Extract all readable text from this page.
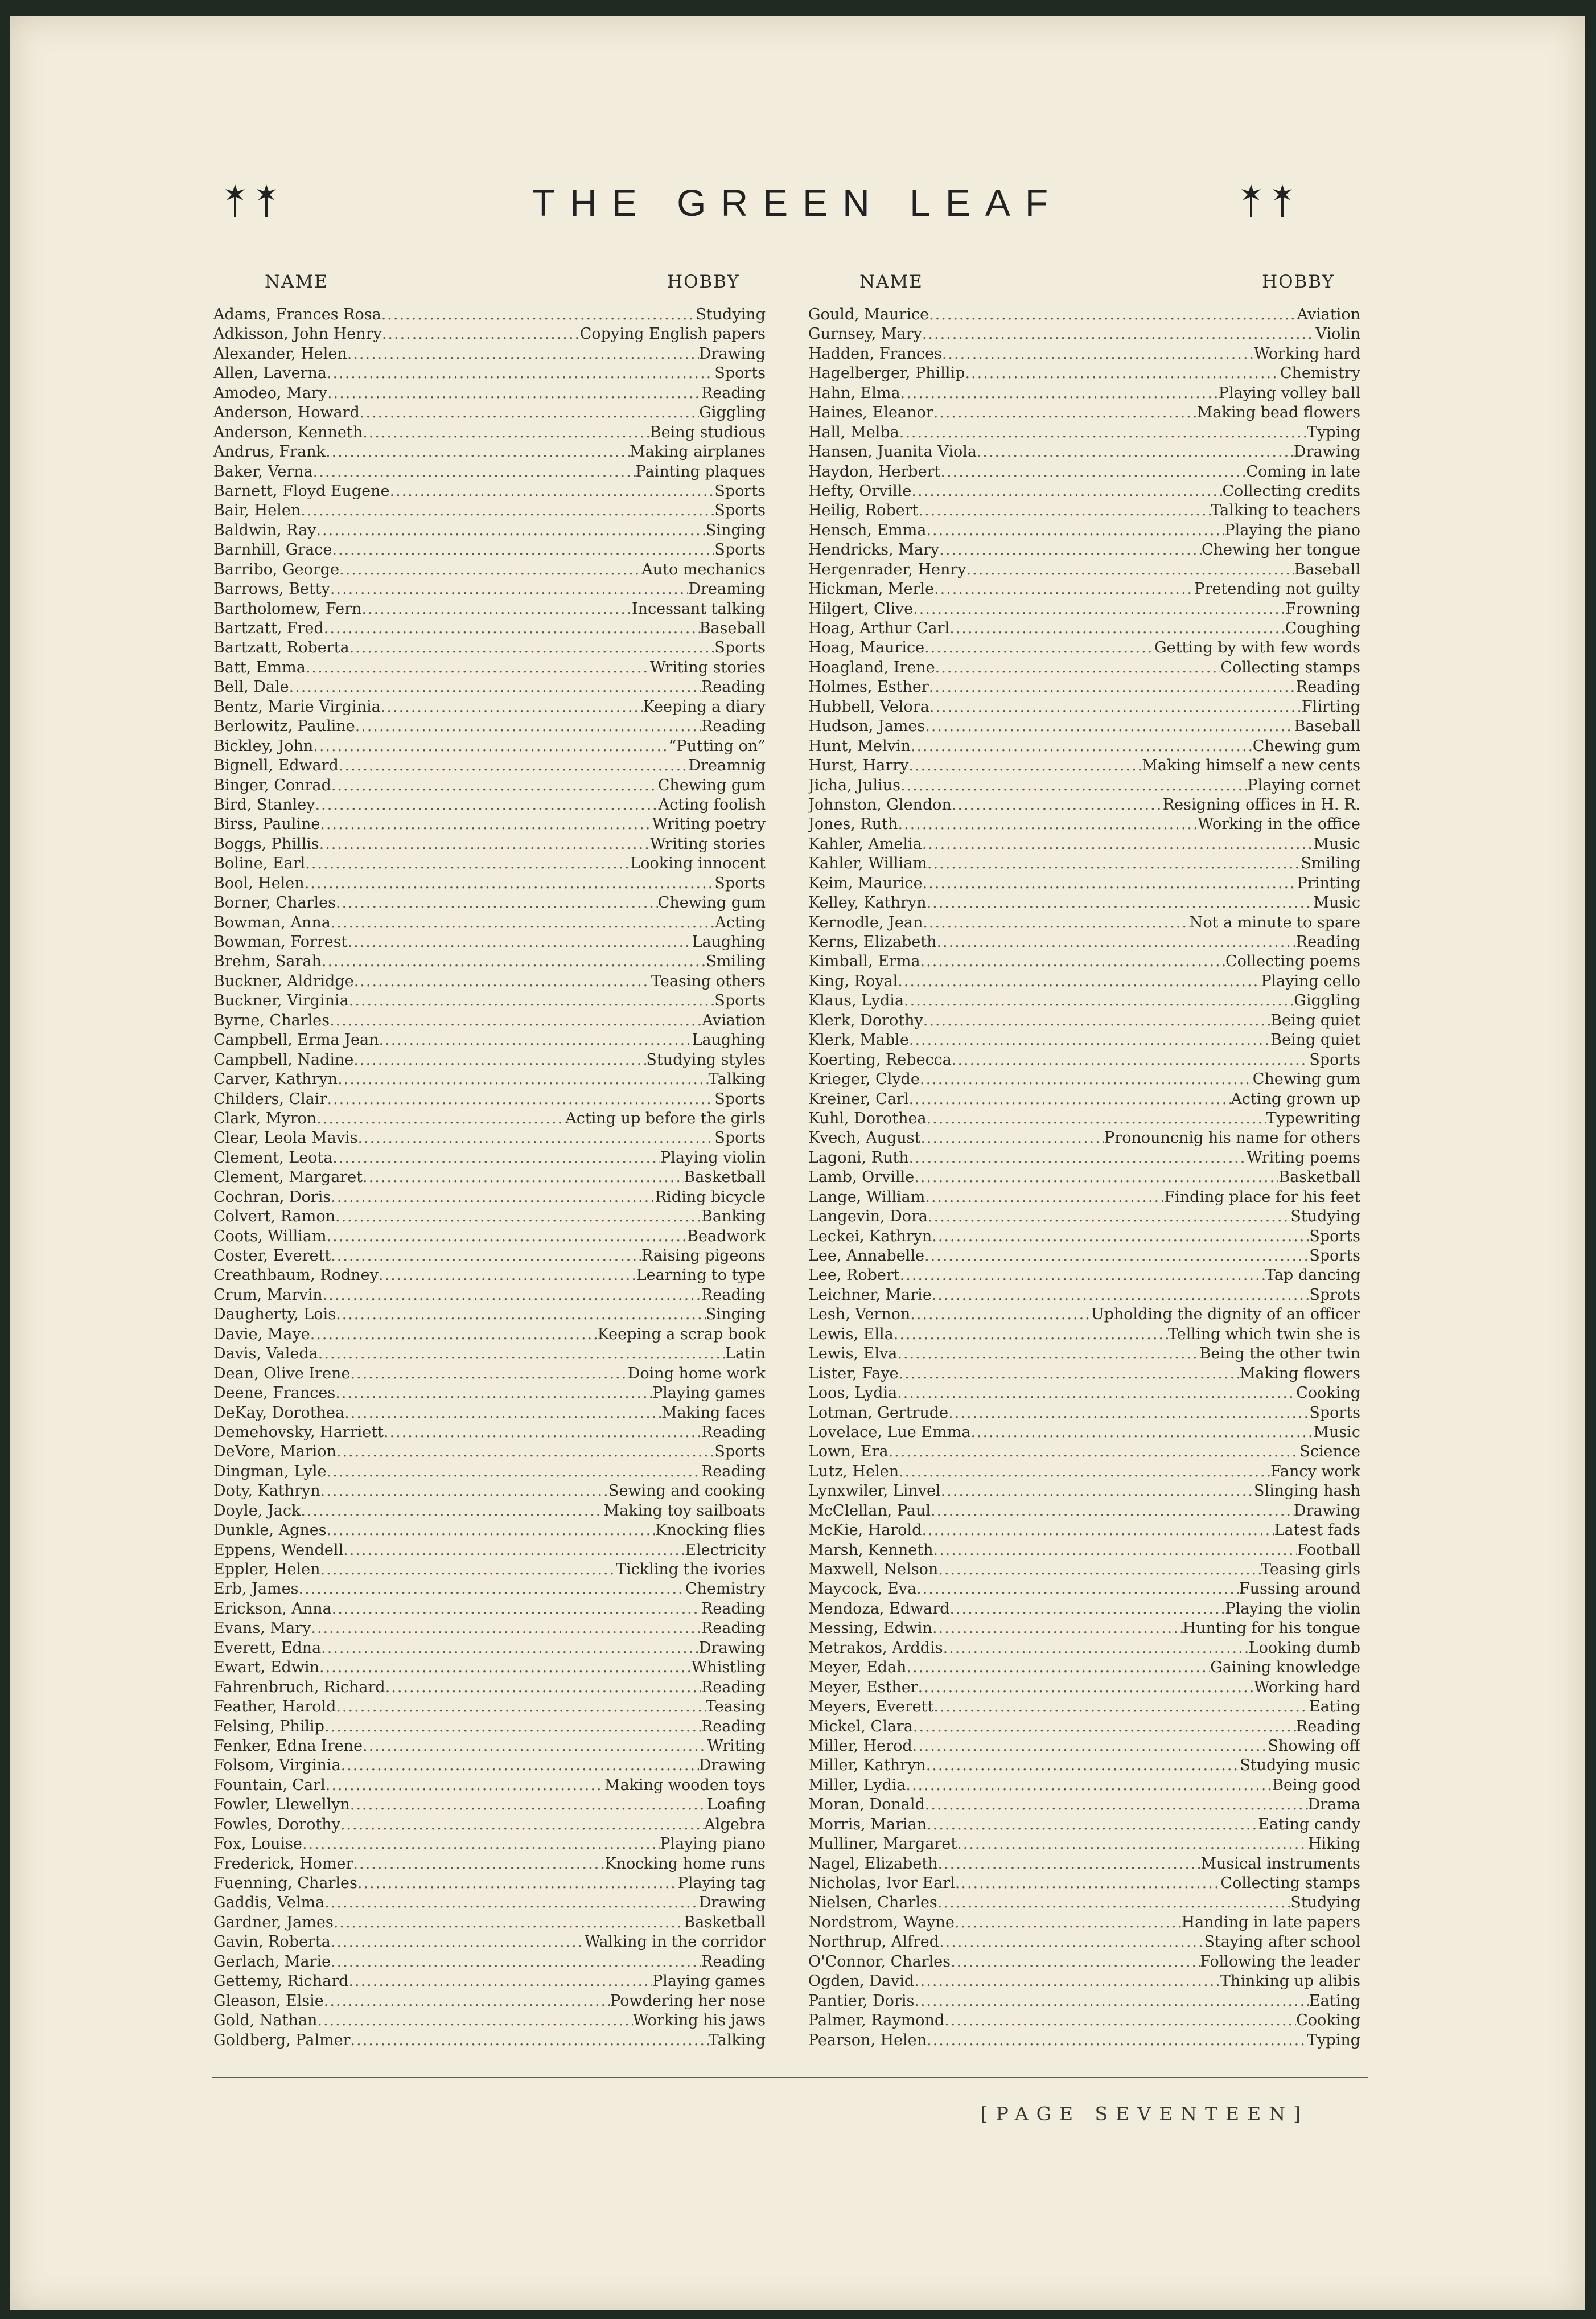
THE GREEN LEAF
NAME	HOBBY
Adams, Frances Rosa .....	Studying
Adkisson, John Henry .....	Copying English papers
Alexander, Helen .....	Drawing
Allen, Laverna .....	Sports
Amodeo, Mary .....	Reading
Anderson, Howard .....	Giggling
Anderson, Kenneth .....	Being studious
Andrus, Frank .....	Making airplanes
Baker, Verna .....	Painting plaques
Barnett, Floyd Eugene .....	Sports
Bair, Helen .....	Sports
Baldwin, Ray .....	Singing
Barnhill, Grace .....	Sports
Barribo, George .....	Auto mechanics
Barrows, Betty .....	Dreaming
Bartholomew, Fern .....	Incessant talking
Bartzatt, Fred .....	Baseball
Bartzatt, Roberta .....	Sports
Batt, Emma .....	Writing stories
Bell, Dale .....	Reading
Bentz, Marie Virginia .....	Keeping a diary
Berlowitz, Pauline .....	Reading
Bickley, John .....	“Putting on”
Bignell, Edward .....	Dreamnig
Binger, Conrad .....	Chewing gum
Bird, Stanley .....	Acting foolish
Birss, Pauline .....	Writing poetry
Boggs, Phillis .....	Writing stories
Boline, Earl .....	Looking innocent
Bool, Helen .....	Sports
Borner, Charles .....	Chewing gum
Bowman, Anna .....	Acting
Bowman, Forrest .....	Laughing
Brehm, Sarah .....	Smiling
Buckner, Aldridge .....	Teasing others
Buckner, Virginia .....	Sports
Byrne, Charles .....	Aviation
Campbell, Erma Jean .....	Laughing
Campbell, Nadine .....	Studying styles
Carver, Kathryn .....	Talking
Childers, Clair .....	Sports
Clark, Myron .....	Acting up before the girls
Clear, Leola Mavis .....	Sports
Clement, Leota .....	Playing violin
Clement, Margaret .....	Basketball
Cochran, Doris .....	Riding bicycle
Colvert, Ramon .....	Banking
Coots, William .....	Beadwork
Coster, Everett .....	Raising pigeons
Creathbaum, Rodney .....	Learning to type
Crum, Marvin .....	Reading
Daugherty, Lois .....	Singing
Davie, Maye .....	Keeping a scrap book
Davis, Valeda .....	Latin
Dean, Olive Irene .....	Doing home work
Deene, Frances .....	Playing games
DeKay, Dorothea .....	Making faces
Demehovsky, Harriett .....	Reading
DeVore, Marion .....	Sports
Dingman, Lyle .....	Reading
Doty, Kathryn .....	Sewing and cooking
Doyle, Jack .....	Making toy sailboats
Dunkle, Agnes .....	Knocking flies
Eppens, Wendell .....	Electricity
Eppler, Helen .....	Tickling the ivories
Erb, James .....	Chemistry
Erickson, Anna .....	Reading
Evans, Mary .....	Reading
Everett, Edna .....	Drawing
Ewart, Edwin .....	Whistling
Fahrenbruch, Richard .....	Reading
Feather, Harold .....	Teasing
Felsing, Philip .....	Reading
Fenker, Edna Irene .....	Writing
Folsom, Virginia .....	Drawing
Fountain, Carl .....	Making wooden toys
Fowler, Llewellyn .....	Loafing
Fowles, Dorothy .....	Algebra
Fox, Louise .....	Playing piano
Frederick, Homer .....	Knocking home runs
Fuenning, Charles .....	Playing tag
Gaddis, Velma .....	Drawing
Gardner, James .....	Basketball
Gavin, Roberta .....	Walking in the corridor
Gerlach, Marie .....	Reading
Gettemy, Richard .....	Playing games
Gleason, Elsie .....	Powdering her nose
Gold, Nathan .....	Working his jaws
Goldberg, Palmer .....	Talking
NAME	HOBBY
Gould, Maurice .....	Aviation
Gurnsey, Mary .....	Violin
Hadden, Frances .....	Working hard
Hagelberger, Phillip .....	Chemistry
Hahn, Elma .....	Playing volley ball
Haines, Eleanor .....	Making bead flowers
Hall, Melba .....	Typing
Hansen, Juanita Viola .....	Drawing
Haydon, Herbert .....	Coming in late
Hefty, Orville .....	Collecting credits
Heilig, Robert .....	Talking to teachers
Hensch, Emma .....	Playing the piano
Hendricks, Mary .....	Chewing her tongue
Hergenrader, Henry .....	Baseball
Hickman, Merle .....	Pretending not guilty
Hilgert, Clive .....	Frowning
Hoag, Arthur Carl .....	Coughing
Hoag, Maurice .....	Getting by with few words
Hoagland, Irene .....	Collecting stamps
Holmes, Esther .....	Reading
Hubbell, Velora .....	Flirting
Hudson, James .....	Baseball
Hunt, Melvin .....	Chewing gum
Hurst, Harry .....	Making himself a new cents
Jicha, Julius .....	Playing cornet
Johnston, Glendon .....	Resigning offices in H. R.
Jones, Ruth .....	Working in the office
Kahler, Amelia .....	Music
Kahler, William .....	Smiling
Keim, Maurice .....	Printing
Kelley, Kathryn .....	Music
Kernodle, Jean .....	Not a minute to spare
Kerns, Elizabeth .....	Reading
Kimball, Erma .....	Collecting poems
King, Royal .....	Playing cello
Klaus, Lydia .....	Giggling
Klerk, Dorothy .....	Being quiet
Klerk, Mable .....	Being quiet
Koerting, Rebecca .....	Sports
Krieger, Clyde .....	Chewing gum
Kreiner, Carl .....	Acting grown up
Kuhl, Dorothea .....	Typewriting
Kvech, August .....	Pronouncnig his name for others
Lagoni, Ruth .....	Writing poems
Lamb, Orville .....	Basketball
Lange, William .....	Finding place for his feet
Langevin, Dora .....	Studying
Leckei, Kathryn .....	Sports
Lee, Annabelle .....	Sports
Lee, Robert .....	Tap dancing
Leichner, Marie .....	Sprots
Lesh, Vernon .....	Upholding the dignity of an officer
Lewis, Ella .....	Telling which twin she is
Lewis, Elva .....	Being the other twin
Lister, Faye .....	Making flowers
Loos, Lydia .....	Cooking
Lotman, Gertrude .....	Sports
Lovelace, Lue Emma .....	Music
Lown, Era .....	Science
Lutz, Helen .....	Fancy work
Lynxwiler, Linvel .....	Slinging hash
McClellan, Paul .....	Drawing
McKie, Harold .....	Latest fads
Marsh, Kenneth .....	Football
Maxwell, Nelson .....	Teasing girls
Maycock, Eva .....	Fussing around
Mendoza, Edward .....	Playing the violin
Messing, Edwin .....	Hunting for his tongue
Metrakos, Arddis .....	Looking dumb
Meyer, Edah .....	Gaining knowledge
Meyer, Esther .....	Working hard
Meyers, Everett .....	Eating
Mickel, Clara .....	Reading
Miller, Herod .....	Showing off
Miller, Kathryn .....	Studying music
Miller, Lydia .....	Being good
Moran, Donald .....	Drama
Morris, Marian .....	Eating candy
Mulliner, Margaret .....	Hiking
Nagel, Elizabeth .....	Musical instruments
Nicholas, Ivor Earl .....	Collecting stamps
Nielsen, Charles .....	Studying
Nordstrom, Wayne .....	Handing in late papers
Northrup, Alfred .....	Staying after school
O'Connor, Charles .....	Following the leader
Ogden, David .....	Thinking up alibis
Pantier, Doris .....	Eating
Palmer, Raymond .....	Cooking
Pearson, Helen .....	Typing
[PAGE SEVENTEEN]
